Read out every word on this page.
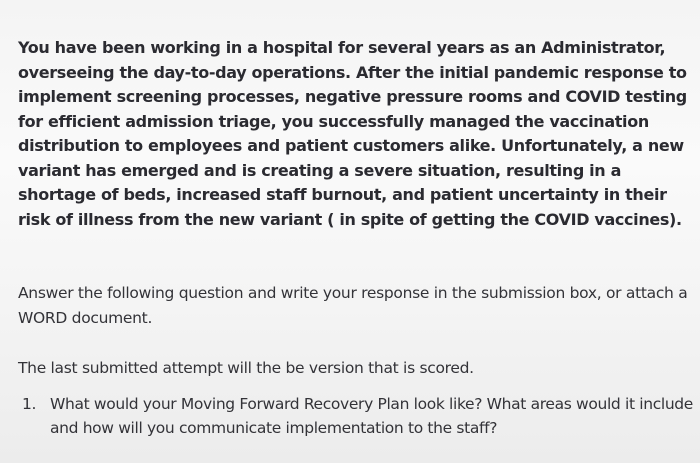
You have been working in a hospital for several years as an Administrator, overseeing the day-to-day operations. After the initial pandemic response to implement screening processes, negative pressure rooms and COVID testing for efficient admission triage, you successfully managed the vaccination distribution to employees and patient customers alike. Unfortunately, a new variant has emerged and is creating a severe situation, resulting in a shortage of beds, increased staff burnout, and patient uncertainty in their risk of illness from the new variant ( in spite of getting the COVID vaccines).

Answer the following question and write your response in the submission box, or attach a WORD document.

The last submitted attempt will the be version that is scored.

1. What would your Moving Forward Recovery Plan look like? What areas would it include and how will you communicate implementation to the staff?
